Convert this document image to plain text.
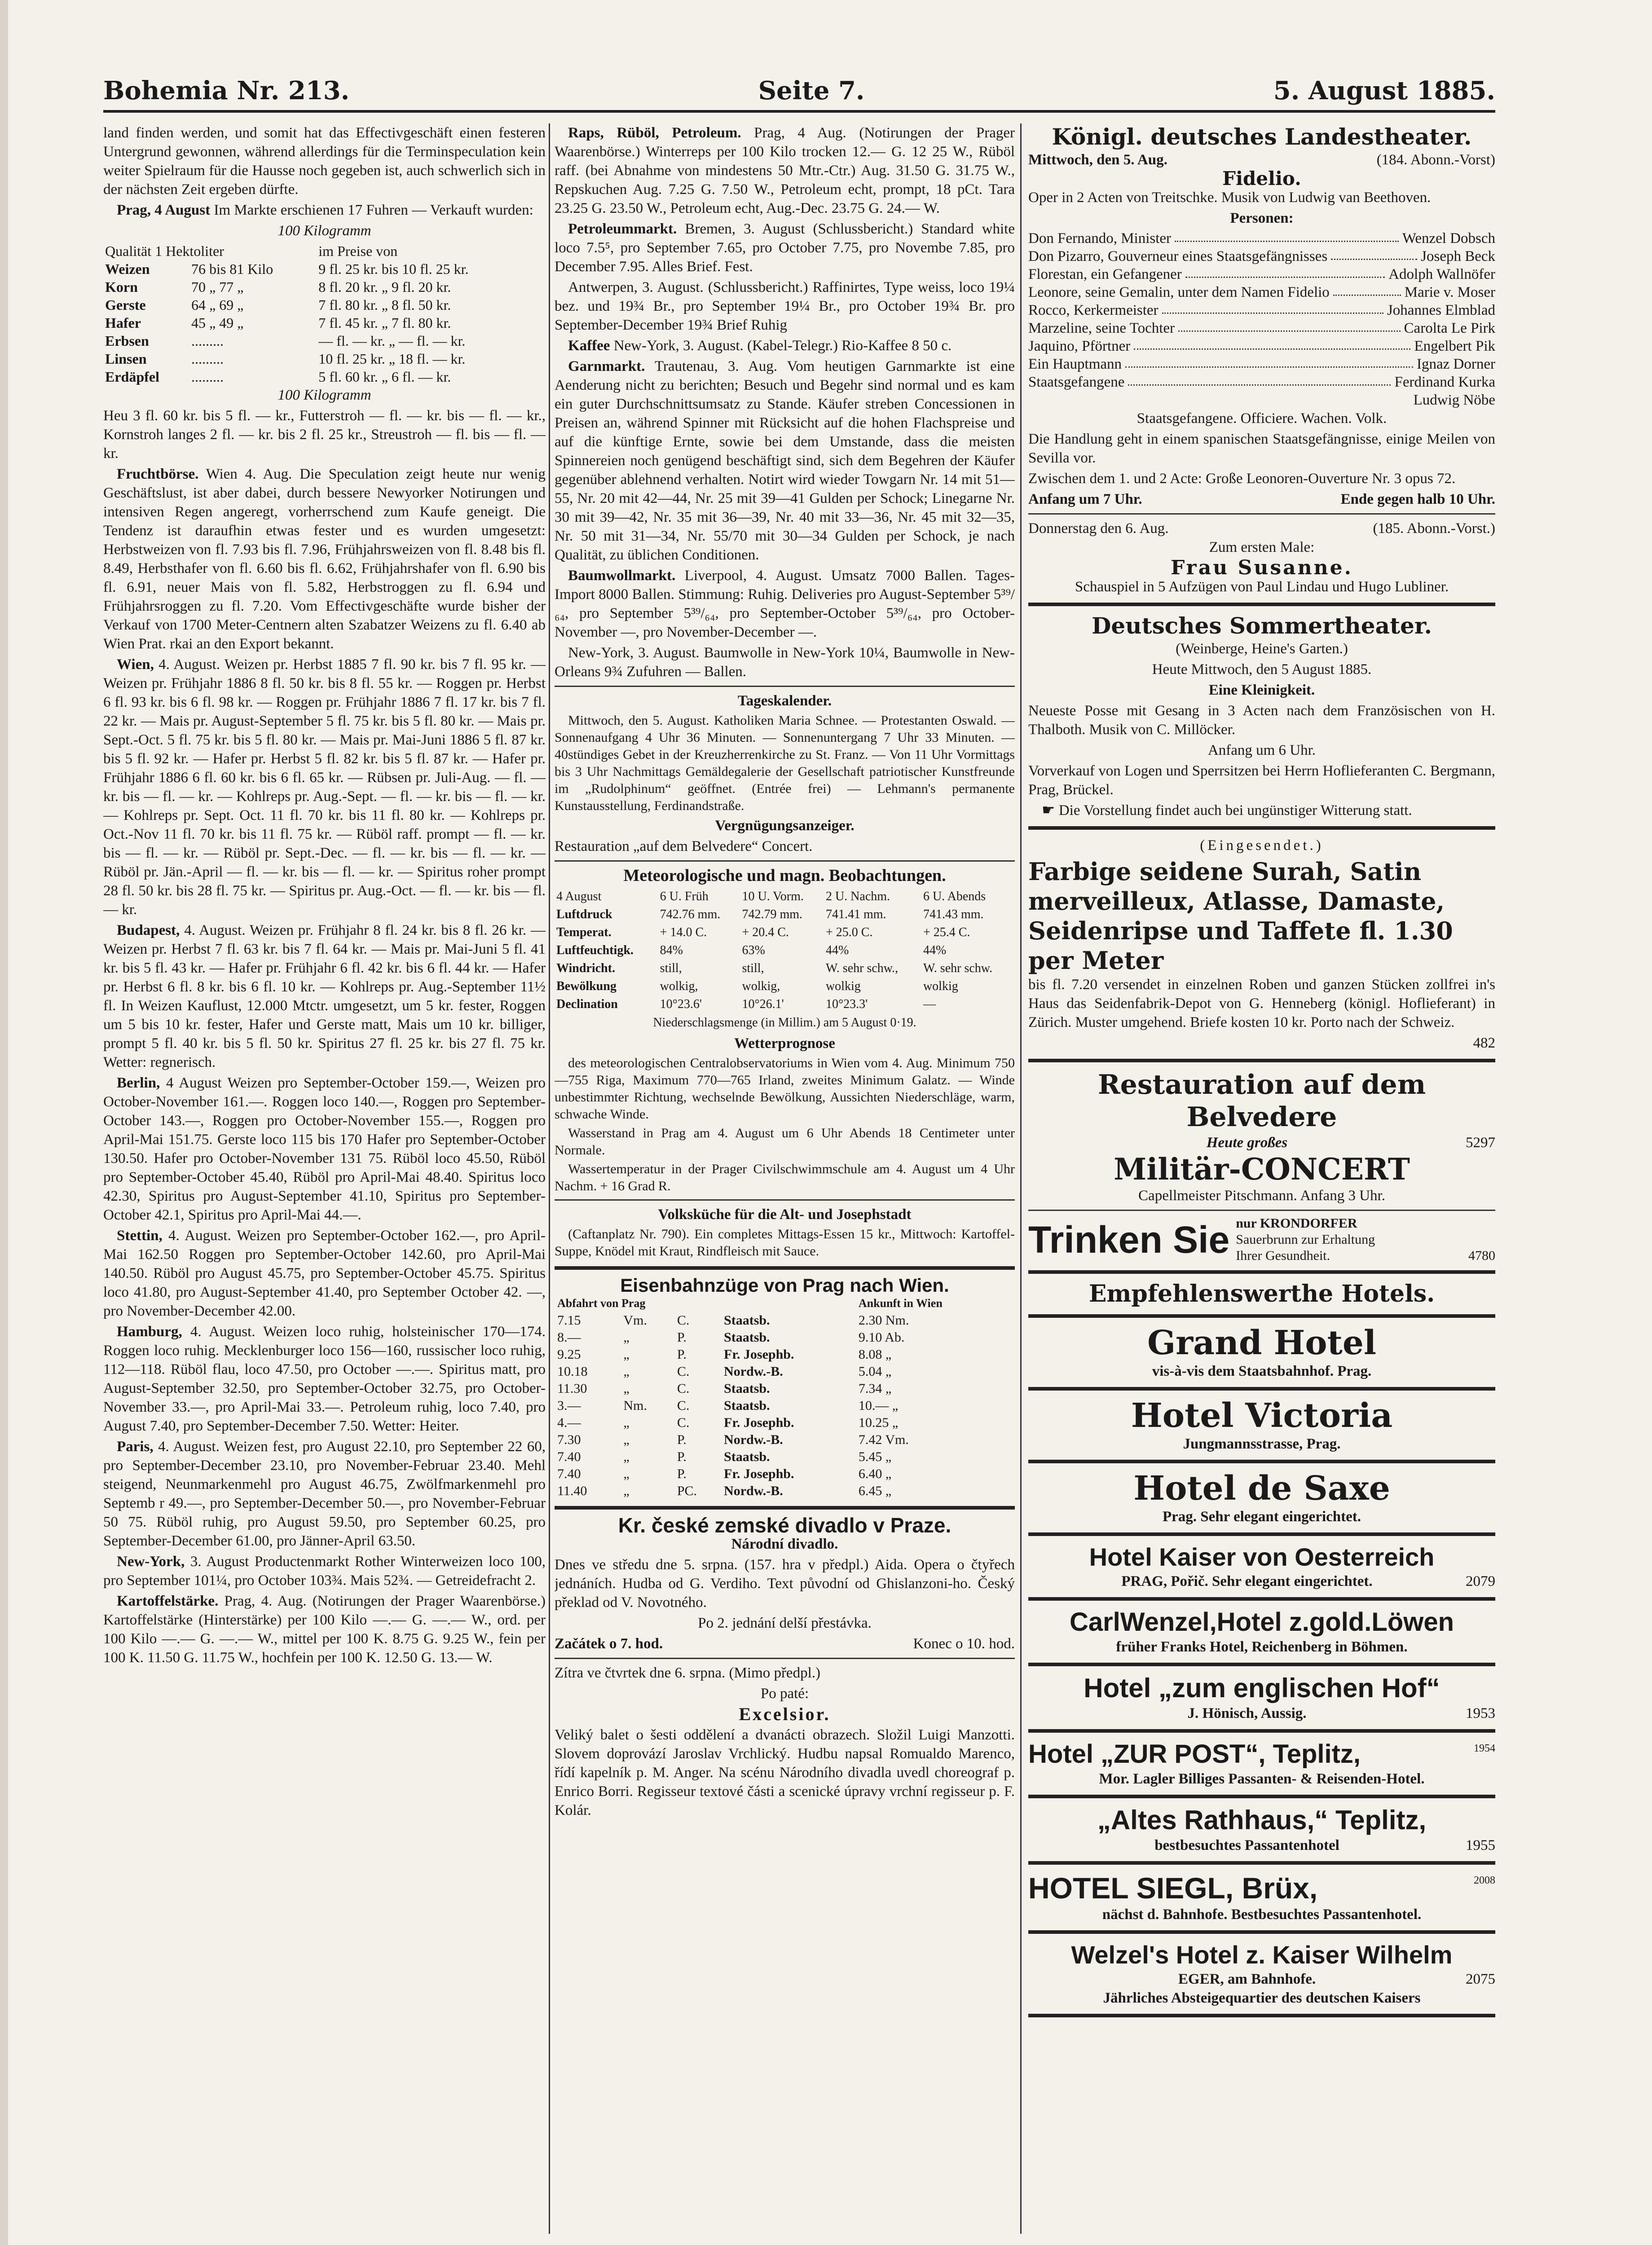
Bohemia Nr. 213.	Seite 7.	5. August 1885.

land finden werden, und somit hat das Effectivgeschäft einen festeren Untergrund gewonnen, während allerdings für die Terminspeculation kein weiter Spielraum für die Hausse noch gegeben ist, auch schwerlich sich in der nächsten Zeit ergeben dürfte.

Prag, 4 August Im Markte erschienen 17 Fuhren — Verkauft wurden:

100 Kilogramm

Qualität 1 Hektoliter		im Preise von
Weizen	76 bis 81 Kilo	9 fl. 25 kr. bis 10 fl. 25 kr.
Korn	70 „ 77 „	8 fl. 20 kr. „ 9 fl. 20 kr.
Gerste	64 „ 69 „	7 fl. 80 kr. „ 8 fl. 50 kr.
Hafer	45 „ 49 „	7 fl. 45 kr. „ 7 fl. 80 kr.
Erbsen	.........	— fl. — kr. „ — fl. — kr.
Linsen	.........	10 fl. 25 kr. „ 18 fl. — kr.
Erdäpfel	.........	5 fl. 60 kr. „ 6 fl. — kr.

100 Kilogramm

Heu 3 fl. 60 kr. bis 5 fl. — kr., Futterstroh — fl. — kr. bis — fl. — kr., Kornstroh langes 2 fl. — kr. bis 2 fl. 25 kr., Streustroh — fl. bis — fl. — kr.

Fruchtbörse. Wien 4. Aug. Die Speculation zeigt heute nur wenig Geschäftslust, ist aber dabei, durch bessere Newyorker Notirungen und intensiven Regen angeregt, vorherrschend zum Kaufe geneigt. Die Tendenz ist daraufhin etwas fester und es wurden umgesetzt: Herbstweizen von fl. 7.93 bis fl. 7.96, Frühjahrsweizen von fl. 8.48 bis fl. 8.49, Herbsthafer von fl. 6.60 bis fl. 6.62, Frühjahrshafer von fl. 6.90 bis fl. 6.91, neuer Mais von fl. 5.82, Herbstroggen zu fl. 6.94 und Frühjahrsroggen zu fl. 7.20. Vom Effectivgeschäfte wurde bisher der Verkauf von 1700 Meter-Centnern alten Szabatzer Weizens zu fl. 6.40 ab Wien Prat. rkai an den Export bekannt.

Wien, 4. August. Weizen pr. Herbst 1885 7 fl. 90 kr. bis 7 fl. 95 kr. — Weizen pr. Frühjahr 1886 8 fl. 50 kr. bis 8 fl. 55 kr. — Roggen pr. Herbst 6 fl. 93 kr. bis 6 fl. 98 kr. — Roggen pr. Frühjahr 1886 7 fl. 17 kr. bis 7 fl. 22 kr. — Mais pr. August-September 5 fl. 75 kr. bis 5 fl. 80 kr. — Mais pr. Sept.-Oct. 5 fl. 75 kr. bis 5 fl. 80 kr. — Mais pr. Mai-Juni 1886 5 fl. 87 kr. bis 5 fl. 92 kr. — Hafer pr. Herbst 5 fl. 82 kr. bis 5 fl. 87 kr. — Hafer pr. Frühjahr 1886 6 fl. 60 kr. bis 6 fl. 65 kr. — Rübsen pr. Juli-Aug. — fl. — kr. bis — fl. — kr. — Kohlreps pr. Aug.-Sept. — fl. — kr. bis — fl. — kr. — Kohlreps pr. Sept. Oct. 11 fl. 70 kr. bis 11 fl. 80 kr. — Kohlreps pr. Oct.-Nov 11 fl. 70 kr. bis 11 fl. 75 kr. — Rüböl raff. prompt — fl. — kr. bis — fl. — kr. — Rüböl pr. Sept.-Dec. — fl. — kr. bis — fl. — kr. — Rüböl pr. Jän.-April — fl. — kr. bis — fl. — kr. — Spiritus roher prompt 28 fl. 50 kr. bis 28 fl. 75 kr. — Spiritus pr. Aug.-Oct. — fl. — kr. bis — fl. — kr.

Budapest, 4. August. Weizen pr. Frühjahr 8 fl. 24 kr. bis 8 fl. 26 kr. — Weizen pr. Herbst 7 fl. 63 kr. bis 7 fl. 64 kr. — Mais pr. Mai-Juni 5 fl. 41 kr. bis 5 fl. 43 kr. — Hafer pr. Frühjahr 6 fl. 42 kr. bis 6 fl. 44 kr. — Hafer pr. Herbst 6 fl. 8 kr. bis 6 fl. 10 kr. — Kohlreps pr. Aug.-September 11½ fl. In Weizen Kauflust, 12.000 Mtctr. umgesetzt, um 5 kr. fester, Roggen um 5 bis 10 kr. fester, Hafer und Gerste matt, Mais um 10 kr. billiger, prompt 5 fl. 40 kr. bis 5 fl. 50 kr. Spiritus 27 fl. 25 kr. bis 27 fl. 75 kr. Wetter: regnerisch.

Berlin, 4 August Weizen pro September-October 159.—, Weizen pro October-November 161.—. Roggen loco 140.—, Roggen pro September-October 143.—, Roggen pro October-November 155.—, Roggen pro April-Mai 151.75. Gerste loco 115 bis 170 Hafer pro September-October 130.50. Hafer pro October-November 131 75. Rüböl loco 45.50, Rüböl pro September-October 45.40, Rüböl pro April-Mai 48.40. Spiritus loco 42.30, Spiritus pro August-September 41.10, Spiritus pro September-October 42.1, Spiritus pro April-Mai 44.—.

Stettin, 4. August. Weizen pro September-October 162.—, pro April-Mai 162.50 Roggen pro September-October 142.60, pro April-Mai 140.50. Rüböl pro August 45.75, pro September-October 45.75. Spiritus loco 41.80, pro August-September 41.40, pro September October 42. —, pro November-December 42.00.

Hamburg, 4. August. Weizen loco ruhig, holsteinischer 170—174. Roggen loco ruhig. Mecklenburger loco 156—160, russischer loco ruhig, 112—118. Rüböl flau, loco 47.50, pro October —.—. Spiritus matt, pro August-September 32.50, pro September-October 32.75, pro October-November 33.—, pro April-Mai 33.—. Petroleum ruhig, loco 7.40, pro August 7.40, pro September-December 7.50. Wetter: Heiter.

Paris, 4. August. Weizen fest, pro August 22.10, pro September 22 60, pro September-December 23.10, pro November-Februar 23.40. Mehl steigend, Neunmarkenmehl pro August 46.75, Zwölfmarkenmehl pro Septemb r 49.—, pro September-December 50.—, pro November-Februar 50 75. Rüböl ruhig, pro August 59.50, pro September 60.25, pro September-December 61.00, pro Jänner-April 63.50.

New-York, 3. August Productenmarkt Rother Winterweizen loco 100, pro September 101¼, pro October 103¾. Mais 52¾. — Getreidefracht 2.

Kartoffelstärke. Prag, 4. Aug. (Notirungen der Prager Waarenbörse.) Kartoffelstärke (Hinterstärke) per 100 Kilo —.— G. —.— W., ord. per 100 Kilo —.— G. —.— W., mittel per 100 K. 8.75 G. 9.25 W., fein per 100 K. 11.50 G. 11.75 W., hochfein per 100 K. 12.50 G. 13.— W.

Raps, Rüböl, Petroleum. Prag, 4 Aug. (Notirungen der Prager Waarenbörse.) Winterreps per 100 Kilo trocken 12.— G. 12 25 W., Rüböl raff. (bei Abnahme von mindestens 50 Mtr.-Ctr.) Aug. 31.50 G. 31.75 W., Repskuchen Aug. 7.25 G. 7.50 W., Petroleum echt, prompt, 18 pCt. Tara 23.25 G. 23.50 W., Petroleum echt, Aug.-Dec. 23.75 G. 24.— W.

Petroleummarkt. Bremen, 3. August (Schlussbericht.) Standard white loco 7.5⁵, pro September 7.65, pro October 7.75, pro Novembe 7.85, pro December 7.95. Alles Brief. Fest.

Antwerpen, 3. August. (Schlussbericht.) Raffinirtes, Type weiss, loco 19¼ bez. und 19¾ Br., pro September 19¼ Br., pro October 19¾ Br. pro September-December 19¾ Brief Ruhig

Kaffee New-York, 3. August. (Kabel-Telegr.) Rio-Kaffee 8 50 c.

Garnmarkt. Trautenau, 3. Aug. Vom heutigen Garnmarkte ist eine Aenderung nicht zu berichten; Besuch und Begehr sind normal und es kam ein guter Durchschnittsumsatz zu Stande. Käufer streben Concessionen in Preisen an, während Spinner mit Rücksicht auf die hohen Flachspreise und auf die künftige Ernte, sowie bei dem Umstande, dass die meisten Spinnereien noch genügend beschäftigt sind, sich dem Begehren der Käufer gegenüber ablehnend verhalten. Notirt wird wieder Towgarn Nr. 14 mit 51—55, Nr. 20 mit 42—44, Nr. 25 mit 39—41 Gulden per Schock; Linegarne Nr. 30 mit 39—42, Nr. 35 mit 36—39, Nr. 40 mit 33—36, Nr. 45 mit 32—35, Nr. 50 mit 31—34, Nr. 55/70 mit 30—34 Gulden per Schock, je nach Qualität, zu üblichen Conditionen.

Baumwollmarkt. Liverpool, 4. August. Umsatz 7000 Ballen. Tages-Import 8000 Ballen. Stimmung: Ruhig. Deliveries pro August-September 5³⁹/₆₄, pro September 5³⁹/₆₄, pro September-October 5³⁹/₆₄, pro October-November —, pro November-December —.

New-York, 3. August. Baumwolle in New-York 10¼, Baumwolle in New-Orleans 9¾ Zufuhren — Ballen.

Tageskalender.

Mittwoch, den 5. August. Katholiken Maria Schnee. — Protestanten Oswald. — Sonnenaufgang 4 Uhr 36 Minuten. — Sonnenuntergang 7 Uhr 33 Minuten. — 40stündiges Gebet in der Kreuzherrenkirche zu St. Franz. — Von 11 Uhr Vormittags bis 3 Uhr Nachmittags Gemäldegalerie der Gesellschaft patriotischer Kunstfreunde im „Rudolphinum“ geöffnet. (Entrée frei) — Lehmann's permanente Kunstausstellung, Ferdinandstraße.

Vergnügungsanzeiger.

Restauration „auf dem Belvedere“ Concert.

Meteorologische und magn. Beobachtungen.
4 August	6 U. Früh	10 U. Vorm.	2 U. Nachm.	6 U. Abends
Luftdruck	742.76 mm.	742.79 mm.	741.41 mm.	741.43 mm.
Temperat.	+ 14.0 C.	+ 20.4 C.	+ 25.0 C.	+ 25.4 C.
Luftfeuchtigk.	84%	63%	44%	44%
Windricht.	still,	still,	W. sehr schw.,	W. sehr schw.
Bewölkung	wolkig,	wolkig,	wolkig	wolkig
Declination	10°23.6'	10°26.1'	10°23.3'	—

Niederschlagsmenge (in Millim.) am 5 August 0·19.

Wetterprognose

des meteorologischen Centralobservatoriums in Wien vom 4. Aug. Minimum 750—755 Riga, Maximum 770—765 Irland, zweites Minimum Galatz. — Winde unbestimmter Richtung, wechselnde Bewölkung, Aussichten Niederschläge, warm, schwache Winde.

Wasserstand in Prag am 4. August um 6 Uhr Abends 18 Centimeter unter Normale.

Wassertemperatur in der Prager Civilschwimmschule am 4. August um 4 Uhr Nachm. + 16 Grad R.

Volksküche für die Alt- und Josephstadt

(Caftanplatz Nr. 790). Ein completes Mittags-Essen 15 kr., Mittwoch: Kartoffel-Suppe, Knödel mit Kraut, Rindfleisch mit Sauce.

Eisenbahnzüge von Prag nach Wien.
Abfahrt von Prag				Ankunft in Wien
7.15	Vm.	C.	Staatsb.	2.30 Nm.
8.—	„	P.	Staatsb.	9.10 Ab.
9.25	„	P.	Fr. Josephb.	8.08 „
10.18	„	C.	Nordw.-B.	5.04 „
11.30	„	C.	Staatsb.	7.34 „
3.—	Nm.	C.	Staatsb.	10.— „
4.—	„	C.	Fr. Josephb.	10.25 „
7.30	„	P.	Nordw.-B.	7.42 Vm.
7.40	„	P.	Staatsb.	5.45 „
7.40	„	P.	Fr. Josephb.	6.40 „
11.40	„	PC.	Nordw.-B.	6.45 „
Kr. české zemské divadlo v Praze.

Národní divadlo.

Dnes ve středu dne 5. srpna. (157. hra v předpl.) Aida. Opera o čtyřech jednáních. Hudba od G. Verdiho. Text původní od Ghislanzoni-ho. Český překlad od V. Novotného.

Po 2. jednání delší přestávka.

Začátek o 7. hod.	Konec o 10. hod.

Zítra ve čtvrtek dne 6. srpna. (Mimo předpl.)

Po paté:

Excelsior.

Veliký balet o šesti oddělení a dvanácti obrazech. Složil Luigi Manzotti. Slovem doprovází Jaroslav Vrchlický. Hudbu napsal Romualdo Marenco, řídí kapelník p. M. Anger. Na scénu Národního divadla uvedl choreograf p. Enrico Borri. Regisseur textové části a scenické úpravy vrchní regisseur p. F. Kolár.

Königl. deutsches Landestheater.
Mittwoch, den 5. Aug.	(184. Abonn.-Vorst)
Fidelio.

Oper in 2 Acten von Treitschke. Musik von Ludwig van Beethoven.

Personen:

Don Fernando, Minister	Wenzel Dobsch
Don Pizarro, Gouverneur eines Staatsgefängnisses	Joseph Beck
Florestan, ein Gefangener	Adolph Wallnöfer
Leonore, seine Gemalin, unter dem Namen Fidelio	Marie v. Moser
Rocco, Kerkermeister	Johannes Elmblad
Marzeline, seine Tochter	Carolta Le Pirk
Jaquino, Pförtner	Engelbert Pik
Ein Hauptmann	Ignaz Dorner
Staatsgefangene	Ferdinand Kurka
Ludwig Nöbe

Staatsgefangene. Officiere. Wachen. Volk.

Die Handlung geht in einem spanischen Staatsgefängnisse, einige Meilen von Sevilla vor.

Zwischen dem 1. und 2 Acte: Große Leonoren-Ouverture Nr. 3 opus 72.

Anfang um 7 Uhr.	Ende gegen halb 10 Uhr.
Donnerstag den 6. Aug.	(185. Abonn.-Vorst.)

Zum ersten Male:

Frau Susanne.

Schauspiel in 5 Aufzügen von Paul Lindau und Hugo Lubliner.

Deutsches Sommertheater.

(Weinberge, Heine's Garten.)

Heute Mittwoch, den 5 August 1885.

Eine Kleinigkeit.

Neueste Posse mit Gesang in 3 Acten nach dem Französischen von H. Thalboth. Musik von C. Millöcker.

Anfang um 6 Uhr.

Vorverkauf von Logen und Sperrsitzen bei Herrn Hoflieferanten C. Bergmann, Prag, Brückel.

☛ Die Vorstellung findet auch bei ungünstiger Witterung statt.

(Eingesendet.)

Farbige seidene Surah, Satin merveilleux, Atlasse, Damaste, Seidenripse und Taffete fl. 1.30 per Meter

bis fl. 7.20 versendet in einzelnen Roben und ganzen Stücken zollfrei in's Haus das Seidenfabrik-Depot von G. Henneberg (königl. Hoflieferant) in Zürich. Muster umgehend. Briefe kosten 10 kr. Porto nach der Schweiz.

482

Restauration auf dem Belvedere
Heute großes	5297
Militär-CONCERT

Capellmeister Pitschmann. Anfang 3 Uhr.

Trinken Sie nur KRONDORFER
Sauerbrunn zur Erhaltung
Ihrer Gesundheit.	4780
Empfehlenswerthe Hotels.
Grand Hotel
vis-à-vis dem Staatsbahnhof. Prag.
Hotel Victoria
Jungmannsstrasse, Prag.
Hotel de Saxe
Prag. Sehr elegant eingerichtet.
Hotel Kaiser von Oesterreich
PRAG, Pořič. Sehr elegant eingerichtet.	2079
CarlWenzel,Hotel z.gold.Löwen
früher Franks Hotel, Reichenberg in Böhmen.
Hotel „zum englischen Hof“
J. Hönisch, Aussig.	1953
Hotel „ZUR POST“, Teplitz,	1954
Mor. Lagler Billiges Passanten- & Reisenden-Hotel.
„Altes Rathhaus,“ Teplitz,
bestbesuchtes Passantenhotel	1955
HOTEL SIEGL, Brüx,	2008
nächst d. Bahnhofe. Bestbesuchtes Passantenhotel.
Welzel's Hotel z. Kaiser Wilhelm
EGER, am Bahnhofe.	2075
Jährliches Absteigequartier des deutschen Kaisers
